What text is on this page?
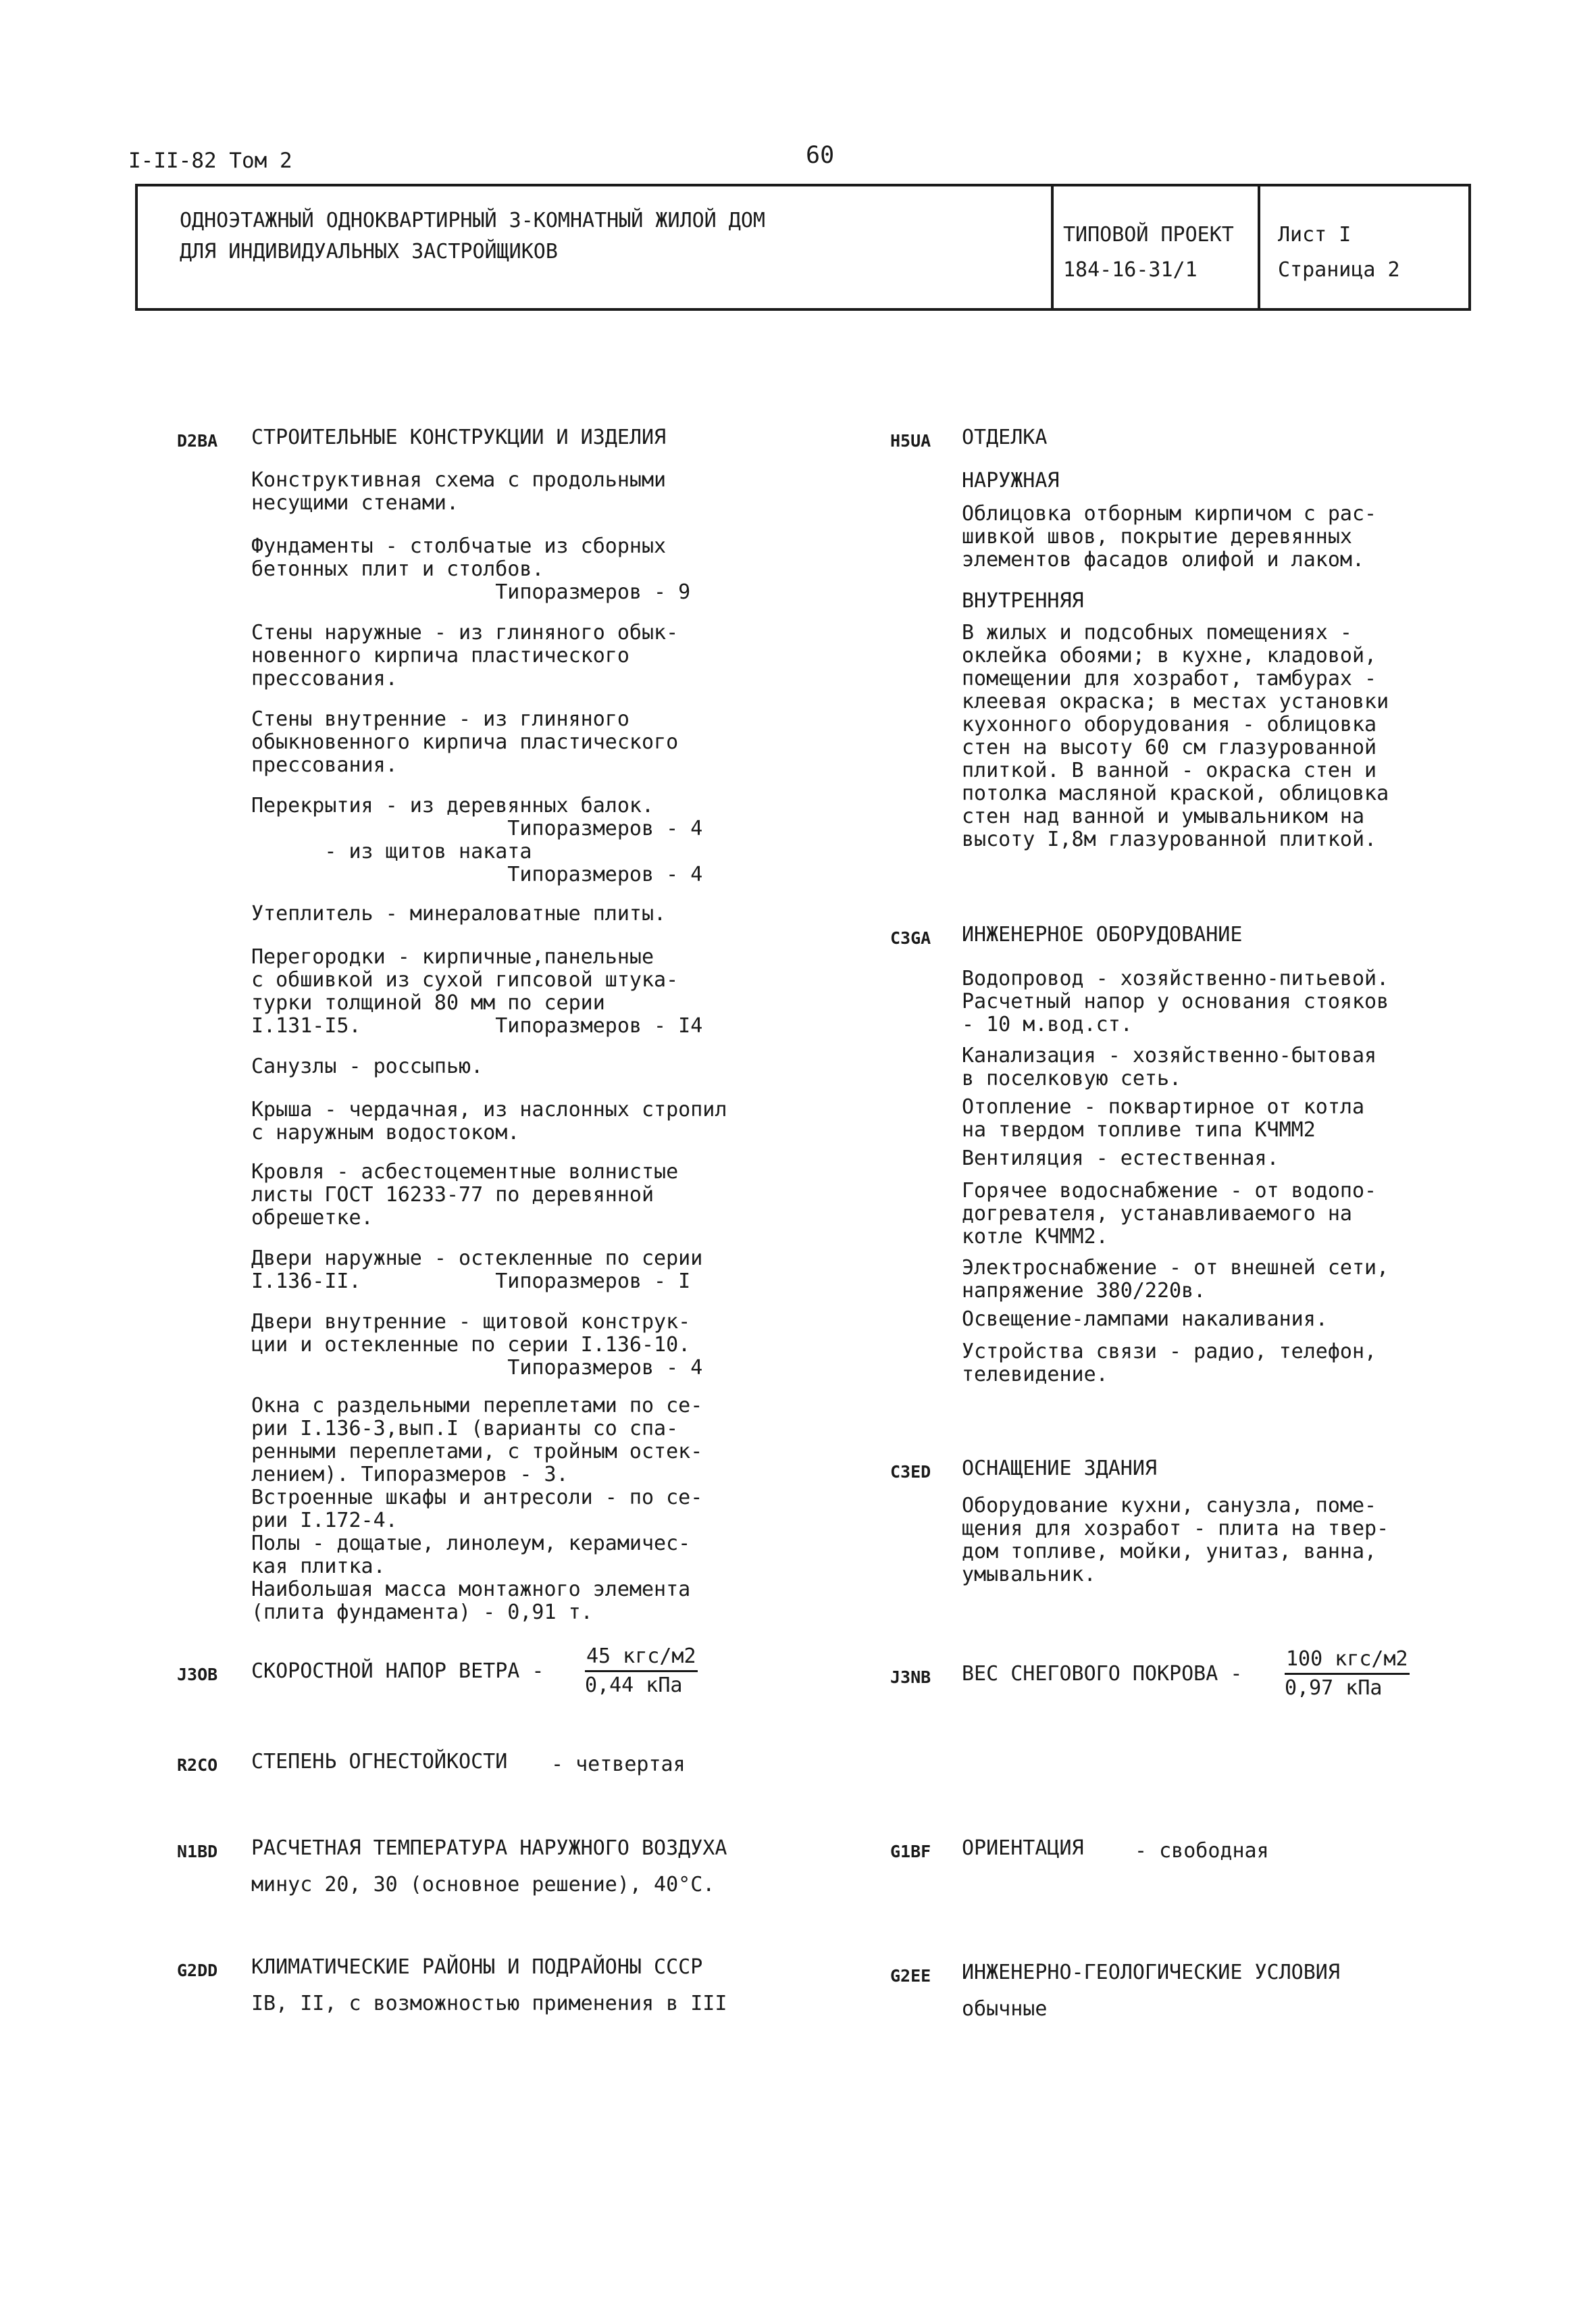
I-II-82 Том 2	60
ОДНОЭТАЖНЫЙ ОДНОКВАРТИРНЫЙ 3-КОМНАТНЫЙ ЖИЛОЙ ДОМ
ДЛЯ ИНДИВИДУАЛЬНЫХ ЗАСТРОЙЩИКОВ
ТИПОВОЙ ПРОЕКТ
184-16-31/1
Лист I
Страница 2
D2BA СТРОИТЕЛЬНЫЕ КОНСТРУКЦИИ И ИЗДЕЛИЯ
Конструктивная схема с продольными
несущими стенами.
Фундаменты - столбчатые из сборных
бетонных плит и столбов.
Типоразмеров - 9
Стены наружные - из глиняного обык-
новенного кирпича пластического
прессования.
Стены внутренние - из глиняного
обыкновенного кирпича пластического
прессования.
Перекрытия - из деревянных балок.
Типоразмеров - 4
- из щитов наката
Типоразмеров - 4
Утеплитель - минераловатные плиты.
Перегородки - кирпичные,панельные
с обшивкой из сухой гипсовой штука-
турки толщиной 80 мм по серии
I.131-I5.           Типоразмеров - I4
Санузлы - россыпью.
Крыша - чердачная, из наслонных стропил
с наружным водостоком.
Кровля - асбестоцементные волнистые
листы ГОСТ 16233-77 по деревянной
обрешетке.
Двери наружные - остекленные по серии
I.136-II.           Типоразмеров - I
Двери внутренние - щитовой конструк-
ции и остекленные по серии I.136-10.
Типоразмеров - 4
Окна с раздельными переплетами по се-
рии I.136-3,вып.I (варианты со спа-
ренными переплетами, с тройным остек-
лением). Типоразмеров - 3.
Встроенные шкафы и антресоли - по се-
рии I.172-4.
Полы - дощатые, линолеум, керамичес-
кая плитка.
Наибольшая масса монтажного элемента
(плита фундамента) - 0,91 т.
J3OB СКОРОСТНОЙ НАПОР ВЕТРА -
45 кгс/м2
0,44 кПа
R2CO СТЕПЕНЬ ОГНЕСТОЙКОСТИ - четвертая
N1BD РАСЧЕТНАЯ ТЕМПЕРАТУРА НАРУЖНОГО ВОЗДУХА
минус 20, 30 (основное решение), 40°С.
G2DD КЛИМАТИЧЕСКИЕ РАЙОНЫ И ПОДРАЙОНЫ СССР
IВ, II, с возможностью применения в III
H5UA ОТДЕЛКА
НАРУЖНАЯ
Облицовка отборным кирпичом с рас-
шивкой швов, покрытие деревянных
элементов фасадов олифой и лаком.
ВНУТРЕННЯЯ
В жилых и подсобных помещениях -
оклейка обоями; в кухне, кладовой,
помещении для хозработ, тамбурах -
клеевая окраска; в местах установки
кухонного оборудования - облицовка
стен на высоту 60 см глазурованной
плиткой. В ванной - окраска стен и
потолка масляной краской, облицовка
стен над ванной и умывальником на
высоту I,8м глазурованной плиткой.
C3GA ИНЖЕНЕРНОЕ ОБОРУДОВАНИЕ
Водопровод - хозяйственно-питьевой.
Расчетный напор у основания стояков
- 10 м.вод.ст.
Канализация - хозяйственно-бытовая
в поселковую сеть.
Отопление - поквартирное от котла
на твердом топливе типа КЧММ2
Вентиляция - естественная.
Горячее водоснабжение - от водопо-
догревателя, устанавливаемого на
котле КЧММ2.
Электроснабжение - от внешней сети,
напряжение 380/220в.
Освещение-лампами накаливания.
Устройства связи - радио, телефон,
телевидение.
C3ED ОСНАЩЕНИЕ ЗДАНИЯ
Оборудование кухни, санузла, поме-
щения для хозработ - плита на твер-
дом топливе, мойки, унитаз, ванна,
умывальник.
J3NB ВЕС СНЕГОВОГО ПОКРОВА -
100 кгс/м2
0,97 кПа
G1BF ОРИЕНТАЦИЯ	- свободная
G2EE ИНЖЕНЕРНО-ГЕОЛОГИЧЕСКИЕ УСЛОВИЯ
обычные
